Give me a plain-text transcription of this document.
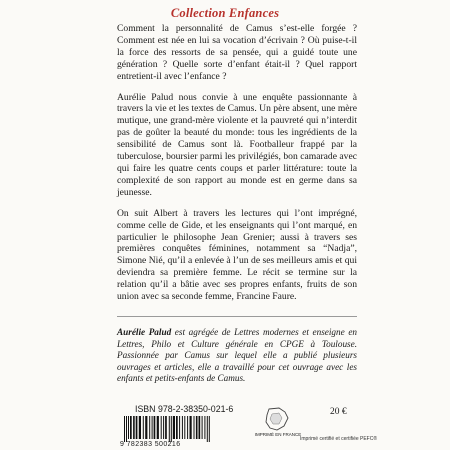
Collection Enfances

Comment la personnalité de Camus s’est-elle forgée ? Comment est née en lui sa vocation d’écrivain ? Où puise-t-il la force des ressorts de sa pensée, qui a guidé toute une génération ? Quelle sorte d’enfant était-il ? Quel rapport entretient-il avec l’enfance ?

Aurélie Palud nous convie à une enquête passionnante à travers la vie et les textes de Camus. Un père absent, une mère mutique, une grand-mère violente et la pauvreté qui n’interdit pas de goûter la beauté du monde: tous les ingrédients de la sensibilité de Camus sont là. Footballeur frappé par la tuberculose, boursier parmi les privilégiés, bon camarade avec qui faire les quatre cents coups et parler littérature: toute la complexité de son rapport au monde est en germe dans sa jeunesse.

On suit Albert à travers les lectures qui l’ont imprégné, comme celle de Gide, et les enseignants qui l’ont marqué, en particulier le philosophe Jean Grenier; aussi à travers ses premières conquêtes féminines, notamment sa “Nadja”, Simone Nié, qu’il a enlevée à l’un de ses meilleurs amis et qui deviendra sa première femme. Le récit se termine sur la relation qu’il a bâtie avec ses propres enfants, fruits de son union avec sa seconde femme, Francine Faure.

Aurélie Palud est agrégée de Lettres modernes et enseigne en Lettres, Philo et Culture générale en CPGE à Toulouse. Passionnée par Camus sur lequel elle a publié plusieurs ouvrages et articles, elle a travaillé pour cet ouvrage avec les enfants et petits-enfants de Camus.
ISBN 978-2-38350-021-6
9 782383 500216
IMPRIMÉ EN FRANCE
20 €
Imprimé certifié et certifiée PEFC®
